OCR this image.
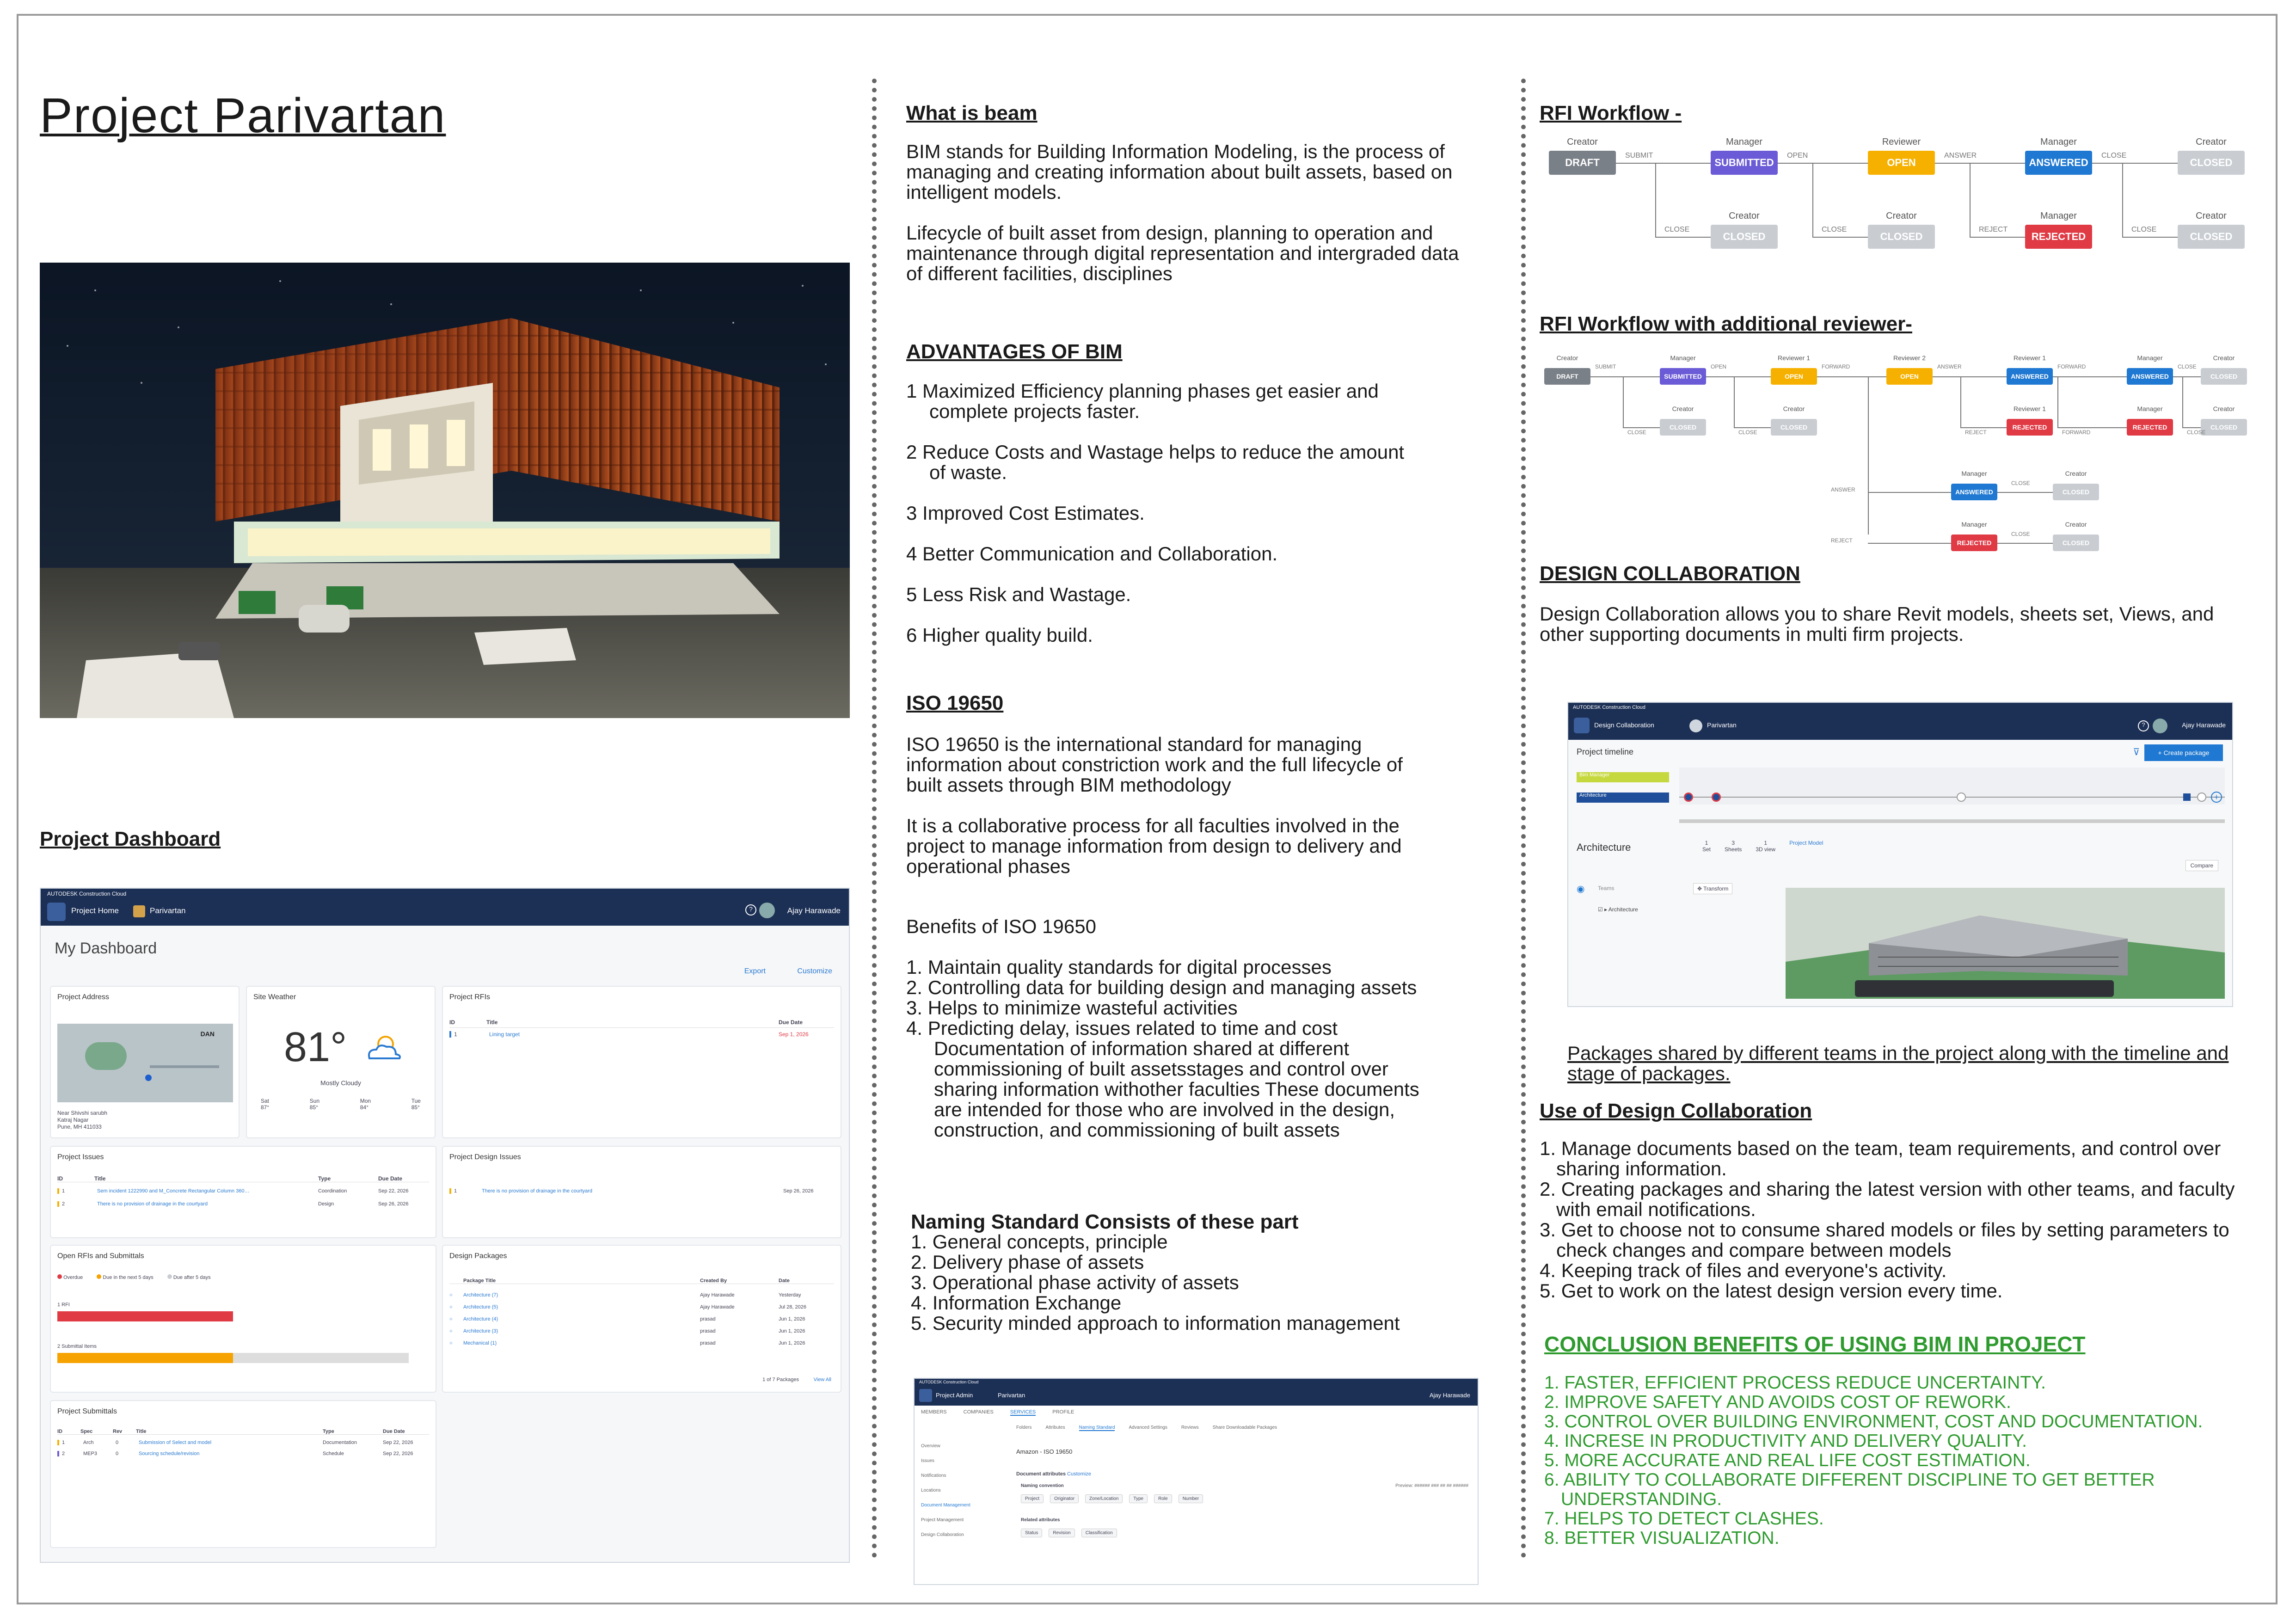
Project Parivartan
Project Dashboard
AUTODESK Construction Cloud
Project Home	Parivartan	?	Ajay Harawade
My Dashboard
Export	Customize
Project Address
DAN
Near Shivshi sarubh
Katraj Nagar
Pune, MH 411033
Site Weather
81°
Mostly Cloudy
Sat
87°
Sun
85°
Mon
84°
Tue
85°
Project RFIs
ID	Title	Due Date
1	Lining target	Sep 1, 2026
Project Issues
ID	Title	Type	Due Date
1	Sem incident 1222990 and M_Concrete Rectangular Column 360…	Coordination	Sep 22, 2026
2	There is no provision of drainage in the courtyard	Design	Sep 26, 2026
Project Design Issues
1	There is no provision of drainage in the courtyard	Sep 26, 2026
Open RFIs and Submittals
Overdue	Due in the next 5 days	Due after 5 days
1 RFI
2 Submittal Items
Design Packages
Package Title	Created By	Date
○	Architecture (7)	Ajay Harawade	Yesterday
○	Architecture (5)	Ajay Harawade	Jul 28, 2026
○	Architecture (4)	prasad	Jun 1, 2026
○	Architecture (3)	prasad	Jun 1, 2026
○	Mechanical (1)	prasad	Jun 1, 2026
1 of 7 Packages	View All
Project Submittals
ID	Spec	Rev	Title	Type	Due Date
1	Arch	0	Submission of Select and model	Documentation	Sep 22, 2026
2	MEP3	0	Sourcing schedule/revision	Schedule	Sep 22, 2026
What is beam

BIM stands for Building Information Modeling, is the process of managing and creating information about built assets, based on intelligent models.

Lifecycle of built asset from design, planning to operation and maintenance through digital representation and intergraded data of different facilities, disciplines

ADVANTAGES OF BIM
1 Maximized Efficiency planning phases get easier and complete projects faster.
2 Reduce Costs and Wastage helps to reduce the amount of waste.
3 Improved Cost Estimates.
4 Better Communication and Collaboration.
5 Less Risk and Wastage.
6 Higher quality build.
ISO 19650

ISO 19650 is the international standard for managing information about constriction work and the full lifecycle of built assets through BIM methodology

It is a collaborative process for all faculties involved in the project to manage information from design to delivery and operational phases

Benefits of ISO 19650
1. Maintain quality standards for digital processes
2. Controlling data for building design and managing assets
3. Helps to minimize wasteful activities
4. Predicting delay, issues related to time and cost Documentation of information shared at different commissioning of built assetsstages and control over sharing information withother faculties These documents are intended for those who are involved in the design, construction, and commissioning of built assets
Naming Standard Consists of these part
1. General concepts, principle
2. Delivery phase of assets
3. Operational phase activity of assets
4. Information Exchange
5. Security minded approach to information management
AUTODESK Construction Cloud
Project Admin	Parivartan	Ajay Harawade
MEMBERS	COMPANIES	SERVICES	PROFILE
Overview
Issues
Notifications
Locations
Document Management
Project Management
Design Collaboration
Folders	Attributes	Naming Standard	Advanced Settings	Reviews	Share Downloadable Packages
Amazon - ISO 19650
Document attributes Customize
Naming convention	Preview: ###### ### ## ## ######
Project	Originator	Zone/Location	Type	Role	Number
Related attributes
Status	Revision	Classification
RFI Workflow -
Creator
DRAFT
Manager
SUBMITTED
Reviewer
OPEN
Manager
ANSWERED
Creator
CLOSED
SUBMIT	OPEN	ANSWER	CLOSE
Creator
CLOSED
Creator
CLOSED
Manager
REJECTED
Creator
CLOSED
CLOSE	CLOSE	REJECT	CLOSE
RFI Workflow with additional reviewer-
Creator
DRAFT
Manager
SUBMITTED
Reviewer 1
OPEN
Reviewer 2
OPEN
Reviewer 1
ANSWERED
Manager
ANSWERED
Creator
CLOSED
SUBMIT	OPEN	FORWARD	ANSWER	FORWARD	CLOSE
Creator
CLOSED
Creator
CLOSED
Reviewer 1
REJECTED
Manager
REJECTED
Creator
CLOSED
CLOSE	CLOSE	REJECT	FORWARD	CLOSE
ANSWER
Manager
ANSWERED
CLOSE
Creator
CLOSED
REJECT
Manager
REJECTED
CLOSE
Creator
CLOSED
DESIGN COLLABORATION
Design Collaboration allows you to share Revit models, sheets set, Views, and other supporting documents in multi firm projects.
AUTODESK Construction Cloud
Design Collaboration	Parivartan	?	Ajay Harawade
Project timeline	⊽	+ Create package
Bim Manager
Architecture	+
Architecture	1
Set
3
Sheets
1
3D view
Project Model
Compare
◉ Teams	✥ Transform
☑ ▸ Architecture
Packages shared by different teams in the project along with the timeline and stage of packages.
Use of Design Collaboration
1. Manage documents based on the team, team requirements, and control over sharing information.
2. Creating packages and sharing the latest version with other teams, and faculty with email notifications.
3. Get to choose not to consume shared models or files by setting parameters to check changes and compare between models
4. Keeping track of files and everyone's activity.
5. Get to work on the latest design version every time.
CONCLUSION BENEFITS OF USING BIM IN PROJECT
1. FASTER, EFFICIENT PROCESS REDUCE UNCERTAINTY.
2. IMPROVE SAFETY AND AVOIDS COST OF REWORK.
3. CONTROL OVER BUILDING ENVIRONMENT, COST AND DOCUMENTATION.
4. INCRESE IN PRODUCTIVITY AND DELIVERY QUALITY.
5. MORE ACCURATE AND REAL LIFE COST ESTIMATION.
6. ABILITY TO COLLABORATE DIFFERENT DISCIPLINE TO GET BETTER UNDERSTANDING.
7. HELPS TO DETECT CLASHES.
8. BETTER VISUALIZATION.
